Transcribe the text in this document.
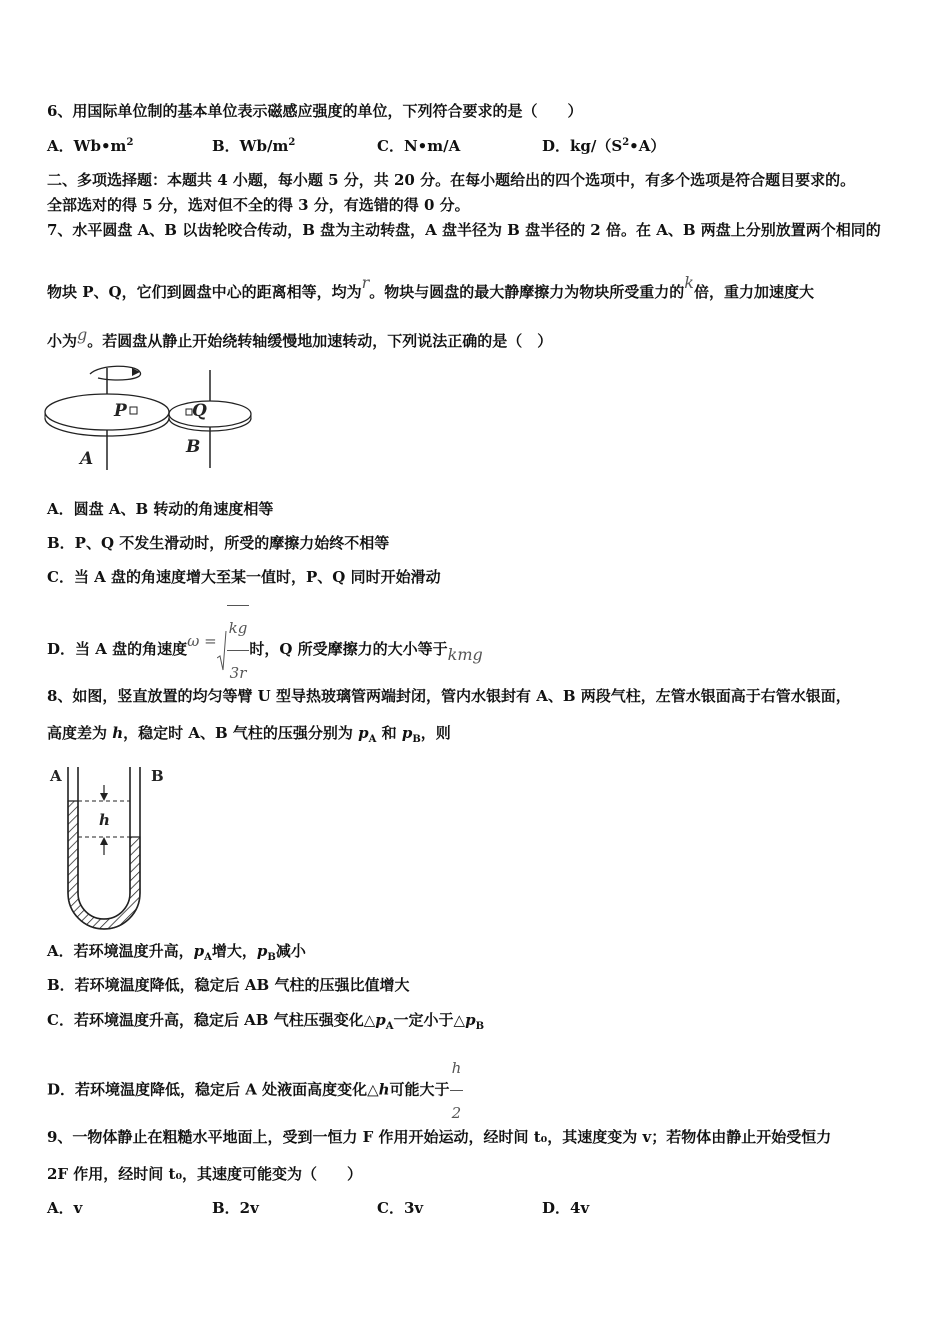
6、用国际单位制的基本单位表示磁感应强度的单位，下列符合要求的是（　　）
A．$Wb•m^2$	B．$Wb/m^2$	C．N•m/A	D．$kg/(S^2•A)$
二、多项选择题：本题共 4 小题，每小题 5 分，共 20 分。在每小题给出的四个选项中，有多个选项是符合题目要求的。
全部选对的得 5 分，选对但不全的得 3 分，有选错的得 0 分。
7、水平圆盘 A、B 以齿轮咬合传动，B 盘为主动转盘，A 盘半径为 B 盘半径的 2 倍。在 A、B 两盘上分别放置两个相同的
物块 P、Q，它们到圆盘中心的距离相等，均为r。物块与圆盘的最大静摩擦力为物块所受重力的k倍，重力加速度大
小为g。若圆盘从静止开始绕转轴缓慢地加速转动，下列说法正确的是（　）
P	Q
A
B
A．圆盘 A、B 转动的角速度相等
B．P、Q 不发生滑动时，所受的摩擦力始终不相等
C．当 A 盘的角速度增大至某一值时，P、Q 同时开始滑动
D．当 A 盘的角速度$\omega = \frac{kg}{3r}$ 时，Q 所受摩擦力的大小等于kmg
8、如图，竖直放置的均匀等臂 U 型导热玻璃管两端封闭，管内水银封有 A、B 两段气柱，左管水银面高于右管水银面，
高度差为 h，稳定时 A、B 气柱的压强分别为 $p_A$ 和 $p_B$，则
A	B
h
A．若环境温度升高，$p_A$增大，$p_B$减小
B．若环境温度降低，稳定后 AB 气柱的压强比值增大
C．若环境温度升高，稳定后 AB 气柱压强变化$\triangle p_A$一定小于$\triangle p_B$
D．若环境温度降低，稳定后 A 处液面高度变化△h可能大于 $\frac{h}{2}$
9、一物体静止在粗糙水平地面上，受到一恒力 F 作用开始运动，经时间 t₀，其速度变为 v；若物体由静止开始受恒力
2F 作用，经时间 t₀，其速度可能变为（　　）
A．v	B．2v	C．3v	D．4v
